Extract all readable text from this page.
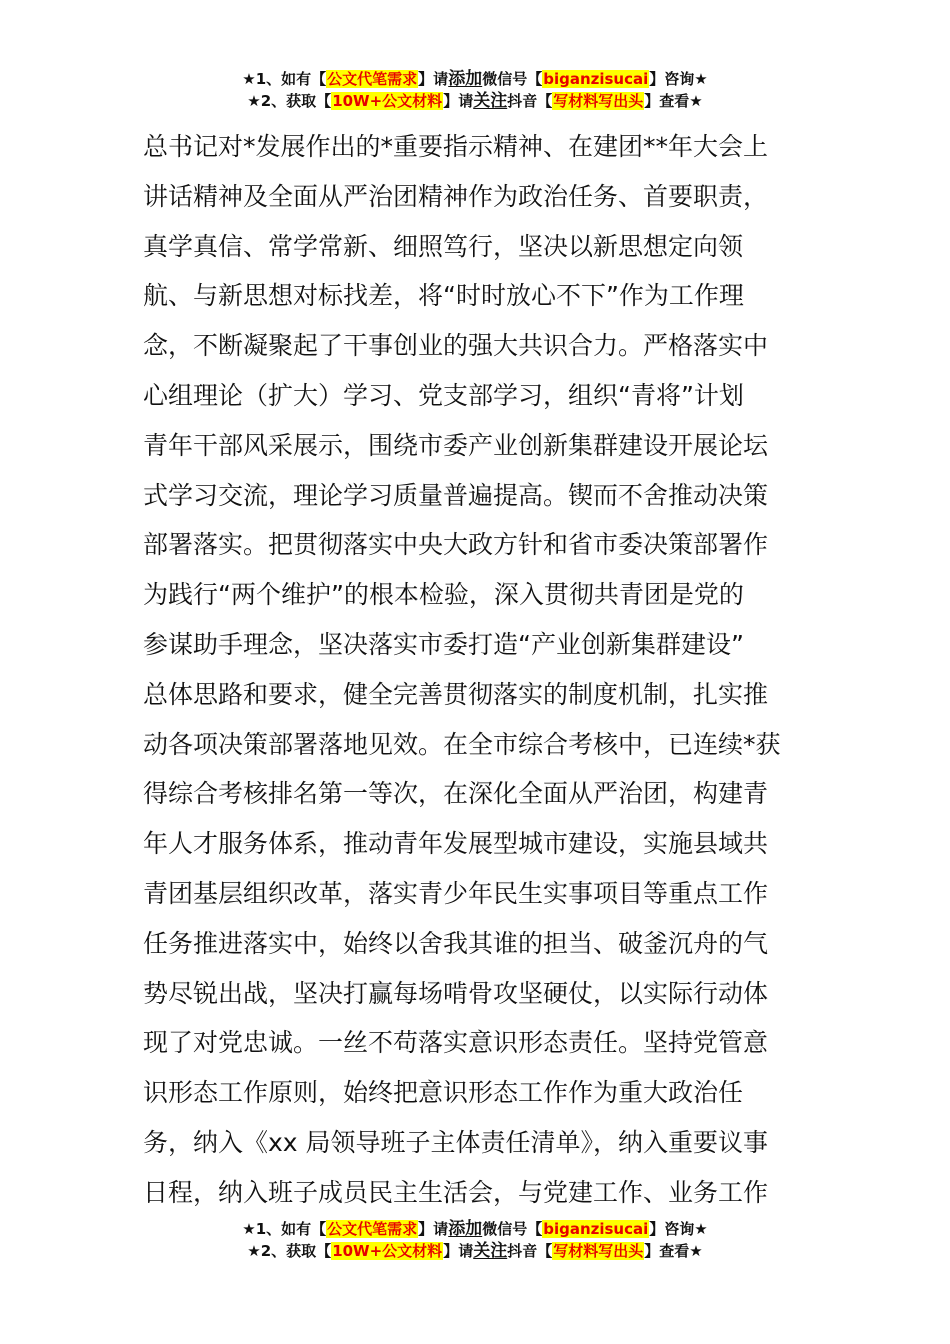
★1、如有【公文代笔需求】请添加微信号【biganzisucai】咨询★
★2、获取【10W+公文材料】请关注抖音【写材料写出头】查看★
总书记对*发展作出的*重要指示精神、在建团**年大会上
讲话精神及全面从严治团精神作为政治任务、首要职责，
真学真信、常学常新、细照笃行，坚决以新思想定向领
航、与新思想对标找差，将“时时放心不下”作为工作理
念，不断凝聚起了干事创业的强大共识合力。严格落实中
心组理论（扩大）学习、党支部学习，组织“青将”计划
青年干部风采展示，围绕市委产业创新集群建设开展论坛
式学习交流，理论学习质量普遍提高。锲而不舍推动决策
部署落实。把贯彻落实中央大政方针和省市委决策部署作
为践行“两个维护”的根本检验，深入贯彻共青团是党的
参谋助手理念，坚决落实市委打造“产业创新集群建设”
总体思路和要求，健全完善贯彻落实的制度机制，扎实推
动各项决策部署落地见效。在全市综合考核中，已连续*获
得综合考核排名第一等次，在深化全面从严治团，构建青
年人才服务体系，推动青年发展型城市建设，实施县域共
青团基层组织改革，落实青少年民生实事项目等重点工作
任务推进落实中，始终以舍我其谁的担当、破釜沉舟的气
势尽锐出战，坚决打赢每场啃骨攻坚硬仗，以实际行动体
现了对党忠诚。一丝不苟落实意识形态责任。坚持党管意
识形态工作原则，始终把意识形态工作作为重大政治任
务，纳入《xx 局领导班子主体责任清单》，纳入重要议事
日程，纳入班子成员民主生活会，与党建工作、业务工作
★1、如有【公文代笔需求】请添加微信号【biganzisucai】咨询★
★2、获取【10W+公文材料】请关注抖音【写材料写出头】查看★
